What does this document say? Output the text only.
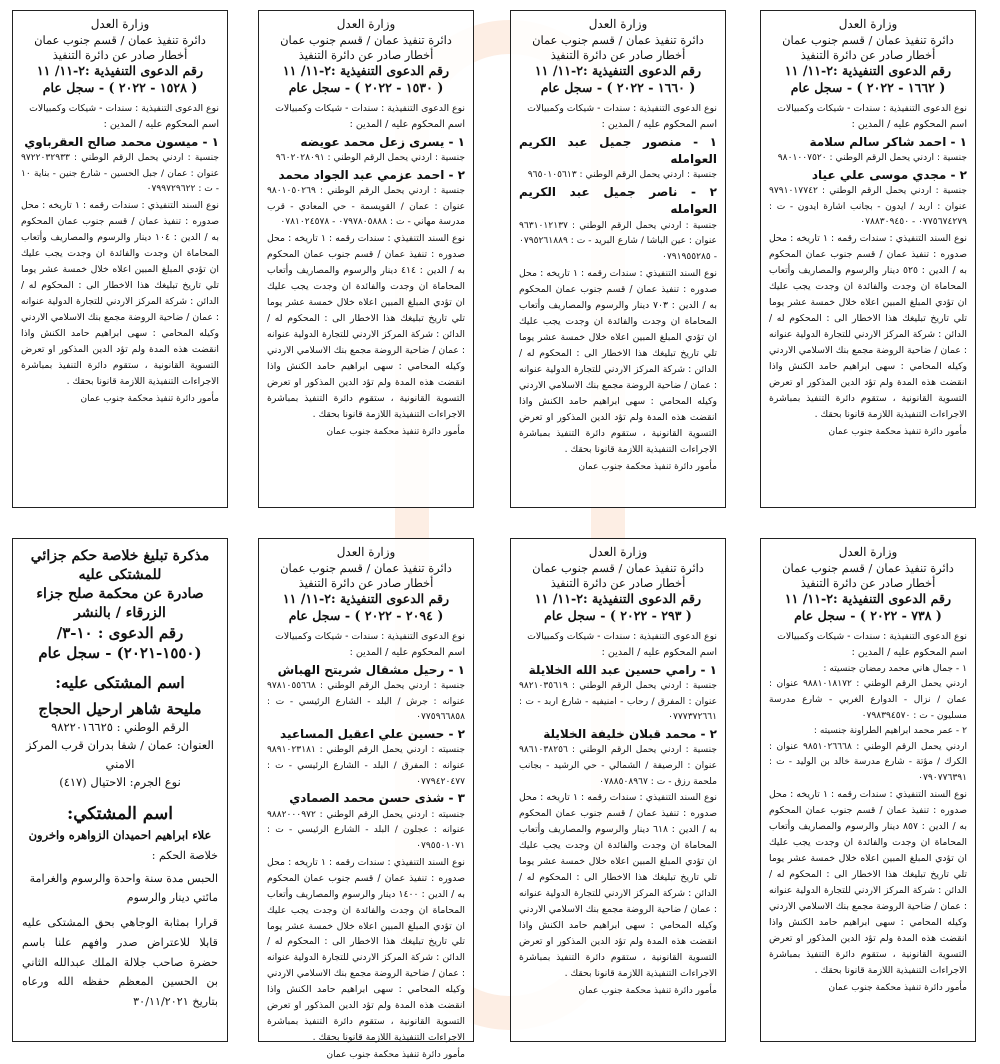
وزارة العدل
دائرة تنفيذ عمان / قسم جنوب عمان
أخطار صادر عن دائرة التنفيذ
رقم الدعوى التنفيذية :٢-١١/ ١١
( ١٦٦٢ - ٢٠٢٢ ) - سجل عام
نوع الدعوى التنفيذية : سندات - شيكات وكمبيالات
اسم المحكوم عليه / المدين :
١ - احمد شاكر سالم سلامة
جنسية : اردني يحمل الرقم الوطني : ٩٨٠١٠٠٧٥٢٠
٢ - مجدي موسى علي عياد
جنسية : اردني يحمل الرقم الوطني : ٩٧٩١٠١٧٧٤٢ عنوان : اربد / ايدون - بجانب اشارة ايدون - ت : ٠٧٧٥٦٧٤٢٧٩ - ٠٧٨٨٣٠٩٤٥٠
نوع السند التنفيذي : سندات رقمه : ١ تاريخه : محل صدوره : تنفيذ عمان / قسم جنوب عمان المحكوم به / الدين : ٥٢٥ دينار والرسوم والمصاريف وأتعاب المحاماة ان وجدت والفائدة ان وجدت يجب عليك ان تؤدي المبلغ المبين اعلاه خلال خمسة عشر يوما تلي تاريخ تبليغك هذا الاخطار الى : المحكوم له / الدائن : شركة المركز الاردني للتجارة الدولية عنوانه : عمان / ضاحية الروضة مجمع بنك الاسلامي الاردني وكيله المحامي : سهى ابراهيم حامد الكنش واذا انقضت هذه المدة ولم تؤد الدين المذكور او تعرض التسوية القانونية ، ستقوم دائرة التنفيذ بمباشرة الاجراءات التنفيذية اللازمة قانونا بحقك .
مأمور دائرة تنفيذ محكمة جنوب عمان
وزارة العدل
دائرة تنفيذ عمان / قسم جنوب عمان
أخطار صادر عن دائرة التنفيذ
رقم الدعوى التنفيذية :٢-١١/ ١١
( ١٦٦٠ - ٢٠٢٢ ) - سجل عام
نوع الدعوى التنفيذية : سندات - شيكات وكمبيالات
اسم المحكوم عليه / المدين :
١ - منصور جميل عبد الكريم العوامله
جنسية : اردني يحمل الرقم الوطني : ٩٦٥٠١٠٥٦١٣
٢ - ناصر جميل عبد الكريم العوامله
جنسية : اردني يحمل الرقم الوطني : ٩٦٣١٠١٢١٣٧ عنوان : عين الباشا / شارع البريد - ت : ٠٧٩٥٢٦١٨٨٩ - ٠٧٩١٩٥٥٢٨٥
نوع السند التنفيذي : سندات رقمه : ١ تاريخه : محل صدوره : تنفيذ عمان / قسم جنوب عمان المحكوم به / الدين : ٧٠٣ دينار والرسوم والمصاريف وأتعاب المحاماة ان وجدت والفائدة ان وجدت يجب عليك ان تؤدي المبلغ المبين اعلاه خلال خمسة عشر يوما تلي تاريخ تبليغك هذا الاخطار الى : المحكوم له / الدائن : شركة المركز الاردني للتجارة الدولية عنوانه : عمان / ضاحية الروضة مجمع بنك الاسلامي الاردني وكيله المحامي : سهى ابراهيم حامد الكنش واذا انقضت هذه المدة ولم تؤد الدين المذكور او تعرض التسوية القانونية ، ستقوم دائرة التنفيذ بمباشرة الاجراءات التنفيذية اللازمة قانونا بحقك .
مأمور دائرة تنفيذ محكمة جنوب عمان
وزارة العدل
دائرة تنفيذ عمان / قسم جنوب عمان
أخطار صادر عن دائرة التنفيذ
رقم الدعوى التنفيذية :٢-١١/ ١١
( ١٥٣٠ - ٢٠٢٢ ) - سجل عام
نوع الدعوى التنفيذية : سندات - شيكات وكمبيالات
اسم المحكوم عليه / المدين :
١ - يسرى زعل محمد عويضه
جنسية : اردني يحمل الرقم الوطني : ٩٦٠٢٠٢٨٠٩١
٢ - احمد عزمي عبد الجواد محمد
جنسية : اردني يحمل الرقم الوطني : ٩٨٠١٠٥٠٢٦٩ عنوان : عمان / القويسمة - حي المعادي - قرب مدرسة مهاني - ت : ٠٧٩٧٨٠٥٨٨٨ - ٠٧٨١٠٢٤٥٧٨
نوع السند التنفيذي : سندات رقمه : ١ تاريخه : محل صدوره : تنفيذ عمان / قسم جنوب عمان المحكوم به / الدين : ٤١٤ دينار والرسوم والمصاريف وأتعاب المحاماة ان وجدت والفائدة ان وجدت يجب عليك ان تؤدي المبلغ المبين اعلاه خلال خمسة عشر يوما تلي تاريخ تبليغك هذا الاخطار الى : المحكوم له / الدائن : شركة المركز الاردني للتجارة الدولية عنوانه : عمان / ضاحية الروضة مجمع بنك الاسلامي الاردني وكيله المحامي : سهى ابراهيم حامد الكنش واذا انقضت هذه المدة ولم تؤد الدين المذكور او تعرض التسوية القانونية ، ستقوم دائرة التنفيذ بمباشرة الاجراءات التنفيذية اللازمة قانونا بحقك .
مأمور دائرة تنفيذ محكمة جنوب عمان
وزارة العدل
دائرة تنفيذ عمان / قسم جنوب عمان
أخطار صادر عن دائرة التنفيذ
رقم الدعوى التنفيذية :٢-١١/ ١١
( ١٥٢٨ - ٢٠٢٢ ) - سجل عام
نوع الدعوى التنفيذية : سندات - شيكات وكمبيالات
اسم المحكوم عليه / المدين :
١ - ميسون محمد صالح العقرباوي
جنسية : اردني يحمل الرقم الوطني : ٩٧٢٢٠٣٢٩٣٣ عنوان : عمان / جبل الحسين - شارع جنين - بناية ١٠ - ت : ٠٧٩٩٧٢٩٦٢٢
نوع السند التنفيذي : سندات رقمه : ١ تاريخه : محل صدوره : تنفيذ عمان / قسم جنوب عمان المحكوم به / الدين : ١٠٤ دينار والرسوم والمصاريف وأتعاب المحاماة ان وجدت والفائدة ان وجدت يجب عليك ان تؤدي المبلغ المبين اعلاه خلال خمسة عشر يوما تلي تاريخ تبليغك هذا الاخطار الى : المحكوم له / الدائن : شركة المركز الاردني للتجارة الدولية عنوانه : عمان / ضاحية الروضة مجمع بنك الاسلامي الاردني وكيله المحامي : سهى ابراهيم حامد الكنش واذا انقضت هذه المدة ولم تؤد الدين المذكور او تعرض التسوية القانونية ، ستقوم دائرة التنفيذ بمباشرة الاجراءات التنفيذية اللازمة قانونا بحقك .
مأمور دائرة تنفيذ محكمة جنوب عمان
وزارة العدل
دائرة تنفيذ عمان / قسم جنوب عمان
أخطار صادر عن دائرة التنفيذ
رقم الدعوى التنفيذية :٢-١١/ ١١
( ٧٣٨ - ٢٠٢٢ ) - سجل عام
نوع الدعوى التنفيذية : سندات - شيكات وكمبيالات
اسم المحكوم عليه / المدين :
١ - جمال هاني محمد رمضان جنسيته :
اردني يحمل الرقم الوطني : ٩٨٨١٠١٨١٧٢ عنوان : عمان / نزال - الدوارع الغربي - شارع مدرسة مسليون - ت : ٠٧٩٨٣٩٤٥٧٠
٢ - عمر محمد ابراهيم الطراونة جنسيته :
اردني يحمل الرقم الوطني : ٩٨٥١٠٢٦٦٦٨ عنوان : الكرك / مؤتة - شارع مدرسة خالد بن الوليد - ت : ٠٧٩٠٧٧٦٣٩١
نوع السند التنفيذي : سندات رقمه : ١ تاريخه : محل صدوره : تنفيذ عمان / قسم جنوب عمان المحكوم به / الدين : ٨٥٧ دينار والرسوم والمصاريف وأتعاب المحاماة ان وجدت والفائدة ان وجدت يجب عليك ان تؤدي المبلغ المبين اعلاه خلال خمسة عشر يوما تلي تاريخ تبليغك هذا الاخطار الى : المحكوم له / الدائن : شركة المركز الاردني للتجارة الدولية عنوانه : عمان / ضاحية الروضة مجمع بنك الاسلامي الاردني وكيله المحامي : سهى ابراهيم حامد الكنش واذا انقضت هذه المدة ولم تؤد الدين المذكور او تعرض التسوية القانونية ، ستقوم دائرة التنفيذ بمباشرة الاجراءات التنفيذية اللازمة قانونا بحقك .
مأمور دائرة تنفيذ محكمة جنوب عمان
وزارة العدل
دائرة تنفيذ عمان / قسم جنوب عمان
أخطار صادر عن دائرة التنفيذ
رقم الدعوى التنفيذية :٢-١١/ ١١
( ٢٩٣ - ٢٠٢٢ ) - سجل عام
نوع الدعوى التنفيذية : سندات - شيكات وكمبيالات
اسم المحكوم عليه / المدين :
١ - رامي حسين عبد الله الخلايلة
جنسية : اردني يحمل الرقم الوطني : ٩٨٢١٠٣٥٦١٩ عنوان : المفرق / رحاب - امنيفيه - شارع اربد - ت : ٠٧٧٧٣٧٢٦٦١
٢ - محمد قبلان خليفة الخلايلة
جنسية : اردني يحمل الرقم الوطني : ٩٨٦١٠٣٨٢٥٦ عنوان : الرصيفة / الشمالي - حي الرشيد - بجانب ملحمة رزق - ت : ٠٧٨٨٥٠٨٩٦٧
نوع السند التنفيذي : سندات رقمه : ١ تاريخه : محل صدوره : تنفيذ عمان / قسم جنوب عمان المحكوم به / الدين : ٦١٨ دينار والرسوم والمصاريف وأتعاب المحاماة ان وجدت والفائدة ان وجدت يجب عليك ان تؤدي المبلغ المبين اعلاه خلال خمسة عشر يوما تلي تاريخ تبليغك هذا الاخطار الى : المحكوم له / الدائن : شركة المركز الاردني للتجارة الدولية عنوانه : عمان / ضاحية الروضة مجمع بنك الاسلامي الاردني وكيله المحامي : سهى ابراهيم حامد الكنش واذا انقضت هذه المدة ولم تؤد الدين المذكور او تعرض التسوية القانونية ، ستقوم دائرة التنفيذ بمباشرة الاجراءات التنفيذية اللازمة قانونا بحقك .
مأمور دائرة تنفيذ محكمة جنوب عمان
وزارة العدل
دائرة تنفيذ عمان / قسم جنوب عمان
أخطار صادر عن دائرة التنفيذ
رقم الدعوى التنفيذية :٢-١١/ ١١
( ٢٠٩٤ - ٢٠٢٢ ) - سجل عام
نوع الدعوى التنفيذية : سندات - شيكات وكمبيالات
اسم المحكوم عليه / المدين :
١ - رحيل مشقال شريتح الهباش
جنسية : اردني يحمل الرقم الوطني : ٩٧٨١٠٥٥٦٦٨ عنوانه : جرش / البلد - الشارع الرئيسي - ت : ٠٧٧٥٩٦٦٨٥٨
٢ - حسين علي اعقيل المساعيد
جنسيته : اردني يحمل الرقم الوطني : ٩٨٩١٠٢٣١٨١ عنوانه : المفرق / البلد - الشارع الرئيسي - ت : ٠٧٧٩٤٢٠٤٧٧
٣ - شذى حسن محمد الصمادي
جنسيته : اردني يحمل الرقم الوطني : ٩٨٨٢٠٠٠٩٧٢ عنوانه : عجلون / البلد - الشارع الرئيسي - ت : ٠٧٩٥٥٠١٠٧١
نوع السند التنفيذي : سندات رقمه : ١ تاريخه : محل صدوره : تنفيذ عمان / قسم جنوب عمان المحكوم به / الدين : ١٤٠٠ دينار والرسوم والمصاريف وأتعاب المحاماة ان وجدت والفائدة ان وجدت يجب عليك ان تؤدي المبلغ المبين اعلاه خلال خمسة عشر يوما تلي تاريخ تبليغك هذا الاخطار الى : المحكوم له / الدائن : شركة المركز الاردني للتجارة الدولية عنوانه : عمان / ضاحية الروضة مجمع بنك الاسلامي الاردني وكيله المحامي : سهى ابراهيم حامد الكنش واذا انقضت هذه المدة ولم تؤد الدين المذكور او تعرض التسوية القانونية ، ستقوم دائرة التنفيذ بمباشرة الاجراءات التنفيذية اللازمة قانونا بحقك .
مأمور دائرة تنفيذ محكمة جنوب عمان
مذكرة تبليغ خلاصة حكم جزائي للمشتكى عليه
صادرة عن محكمة صلح جزاء الزرقاء / بالنشر
رقم الدعوى : ١٠-٣/ (١٥٥٠-٢٠٢١) - سجل عام
اسم المشتكى عليه:
مليحة شاهر ارحيل الحجاج
الرقم الوطني : ٩٨٢٢٠١٦٦٢٥
العنوان: عمان / شفا بدران قرب المركز الامني
نوع الجرم: الاحتيال (٤١٧)
اسم المشتكي:
علاء ابراهيم احميدان الزواهره واخرون
خلاصة الحكم :
الحبس مدة سنة واحدة والرسوم والغرامة مائتي دينار والرسوم
قرارا بمثابة الوجاهي بحق المشتكى عليه قابلا للاعتراض صدر وافهم علنا باسم حضرة صاحب جلالة الملك عبدالله الثاني بن الحسين المعظم حفظه الله ورعاه بتاريخ ٣٠/١١/٢٠٢١
